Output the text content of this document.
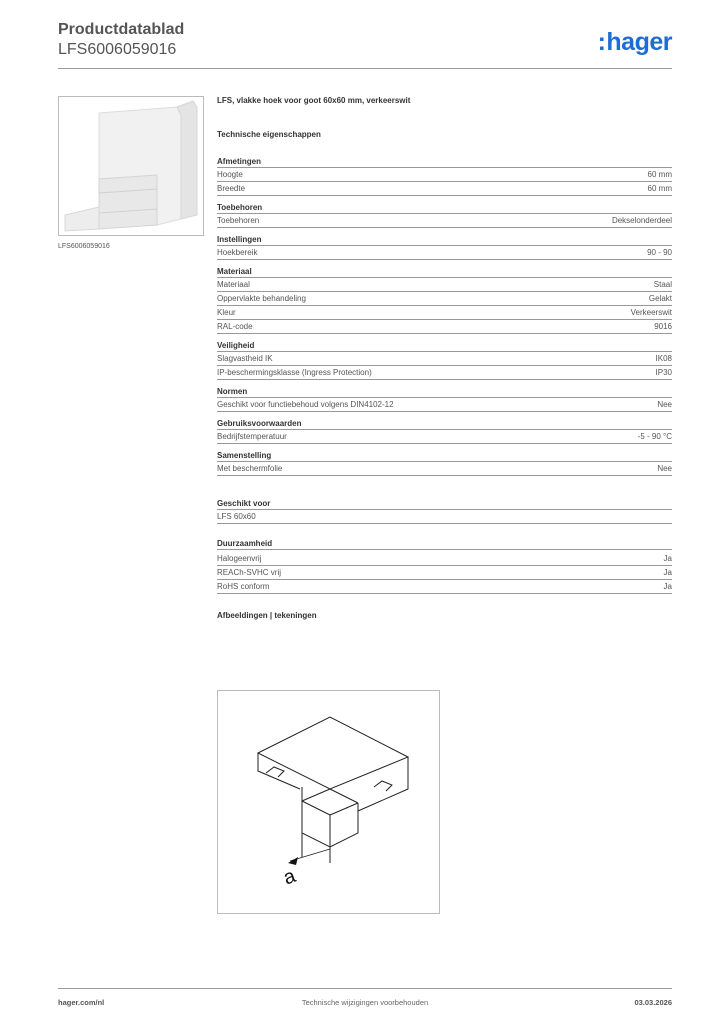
Productdatablad
LFS6006059016	:hager
LFS6006059016
LFS, vlakke hoek voor goot 60x60 mm, verkeerswit
Technische eigenschappen
Afmetingen
Hoogte	60 mm
Breedte	60 mm
Toebehoren
Toebehoren	Dekselonderdeel
Instellingen
Hoekbereik	90 - 90
Materiaal
Materiaal	Staal
Oppervlakte behandeling	Gelakt
Kleur	Verkeerswit
RAL-code	9016
Veiligheid
Slagvastheid IK	IK08
IP-beschermingsklasse (Ingress Protection)	IP30
Normen
Geschikt voor functiebehoud volgens DIN4102-12	Nee
Gebruiksvoorwaarden
Bedrijfstemperatuur	-5 - 90 °C
Samenstelling
Met beschermfolie	Nee
Geschikt voor
LFS 60x60
Duurzaamheid
Halogeenvrij	Ja
REACh-SVHC vrij	Ja
RoHS conform	Ja
Afbeeldingen | tekeningen
a
hager.com/nl	Technische wijzigingen voorbehouden	03.03.2026
